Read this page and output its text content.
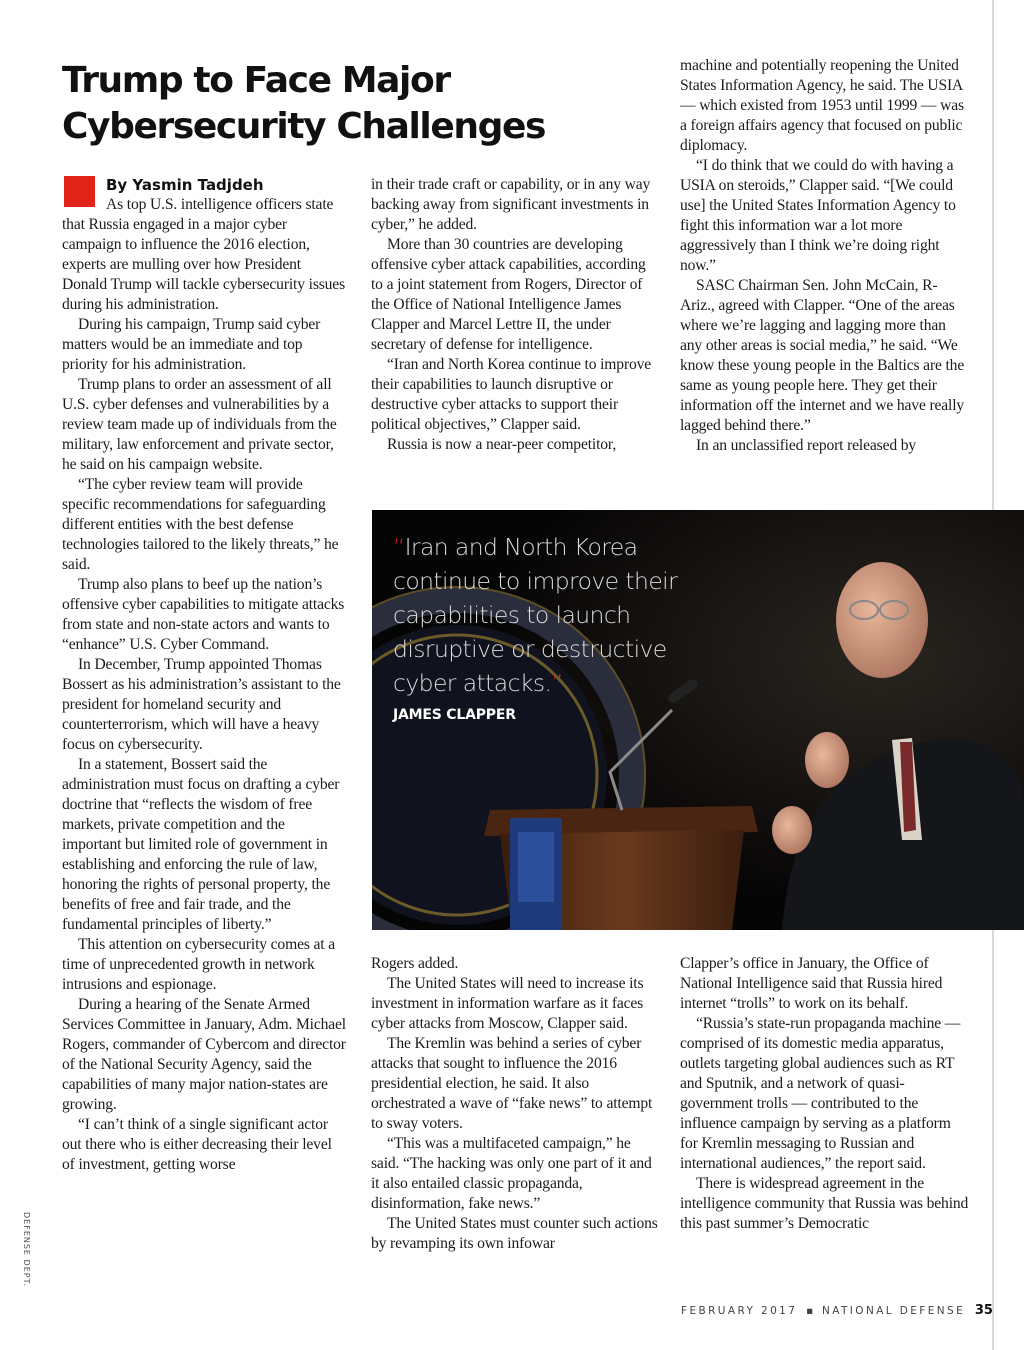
Trump to Face Major
Cybersecurity Challenges
By Yasmin Tadjdeh

As top U.S. intelligence officers state that Russia engaged in a major cyber campaign to influence the 2016 election, experts are mulling over how President Donald Trump will tackle cybersecurity issues during his administration.

During his campaign, Trump said cyber matters would be an immediate and top priority for his administration.

Trump plans to order an assessment of all U.S. cyber defenses and vulnerabilities by a review team made up of individuals from the military, law enforcement and private sector, he said on his campaign website.

“The cyber review team will provide specific recommendations for safeguarding different entities with the best defense technologies tailored to the likely threats,” he said.

Trump also plans to beef up the nation’s offensive cyber capabilities to mitigate attacks from state and non-state actors and wants to “enhance” U.S. Cyber Command.

In December, Trump appointed Thomas Bossert as his administration’s assistant to the president for homeland security and counterterrorism, which will have a heavy focus on cybersecurity.

In a statement, Bossert said the administration must focus on drafting a cyber doctrine that “reflects the wisdom of free markets, private competition and the important but limited role of government in establishing and enforcing the rule of law, honoring the rights of personal property, the benefits of free and fair trade, and the fundamental principles of liberty.”

This attention on cybersecurity comes at a time of unprecedented growth in network intrusions and espionage.

During a hearing of the Senate Armed Services Committee in January, Adm. Michael Rogers, commander of Cybercom and director of the National Security Agency, said the capabilities of many major nation-states are growing.

“I can’t think of a single significant actor out there who is either decreasing their level of investment, getting worse

in their trade craft or capability, or in any way backing away from significant investments in cyber,” he added.

More than 30 countries are developing offensive cyber attack capabilities, according to a joint statement from Rogers, Director of the Office of National Intelligence James Clapper and Marcel Lettre II, the under secretary of defense for intelligence.

“Iran and North Korea continue to improve their capabilities to launch disruptive or destructive cyber attacks to support their political objectives,” Clapper said.

Russia is now a near-peer competitor,

machine and potentially reopening the United States Information Agency, he said. The USIA — which existed from 1953 until 1999 — was a foreign affairs agency that focused on public diplomacy.

“I do think that we could do with having a USIA on steroids,” Clapper said. “[We could use] the United States Information Agency to fight this information war a lot more aggressively than I think we’re doing right now.”

SASC Chairman Sen. John McCain, R-Ariz., agreed with Clapper. “One of the areas where we’re lagging and lagging more than any other areas is social media,” he said. “We know these young people in the Baltics are the same as young people here. They get their information off the internet and we have really lagged behind there.”

In an unclassified report released by

“Iran and North Korea continue to improve their capabilities to launch disruptive or destructive cyber attacks.”
JAMES CLAPPER

Rogers added.

The United States will need to increase its investment in information warfare as it faces cyber attacks from Moscow, Clapper said.

The Kremlin was behind a series of cyber attacks that sought to influence the 2016 presidential election, he said. It also orchestrated a wave of “fake news” to attempt to sway voters.

“This was a multifaceted campaign,” he said. “The hacking was only one part of it and it also entailed classic propaganda, disinformation, fake news.”

The United States must counter such actions by revamping its own infowar

Clapper’s office in January, the Office of National Intelligence said that Russia hired internet “trolls” to work on its behalf.

“Russia’s state-run propaganda machine — comprised of its domestic media apparatus, outlets targeting global audiences such as RT and Sputnik, and a network of quasi-government trolls — contributed to the influence campaign by serving as a platform for Kremlin messaging to Russian and international audiences,” the report said.

There is widespread agreement in the intelligence community that Russia was behind this past summer’s Democratic

DEFENSE DEPT.
FEBRUARY 2017 ▪ NATIONAL DEFENSE 35
